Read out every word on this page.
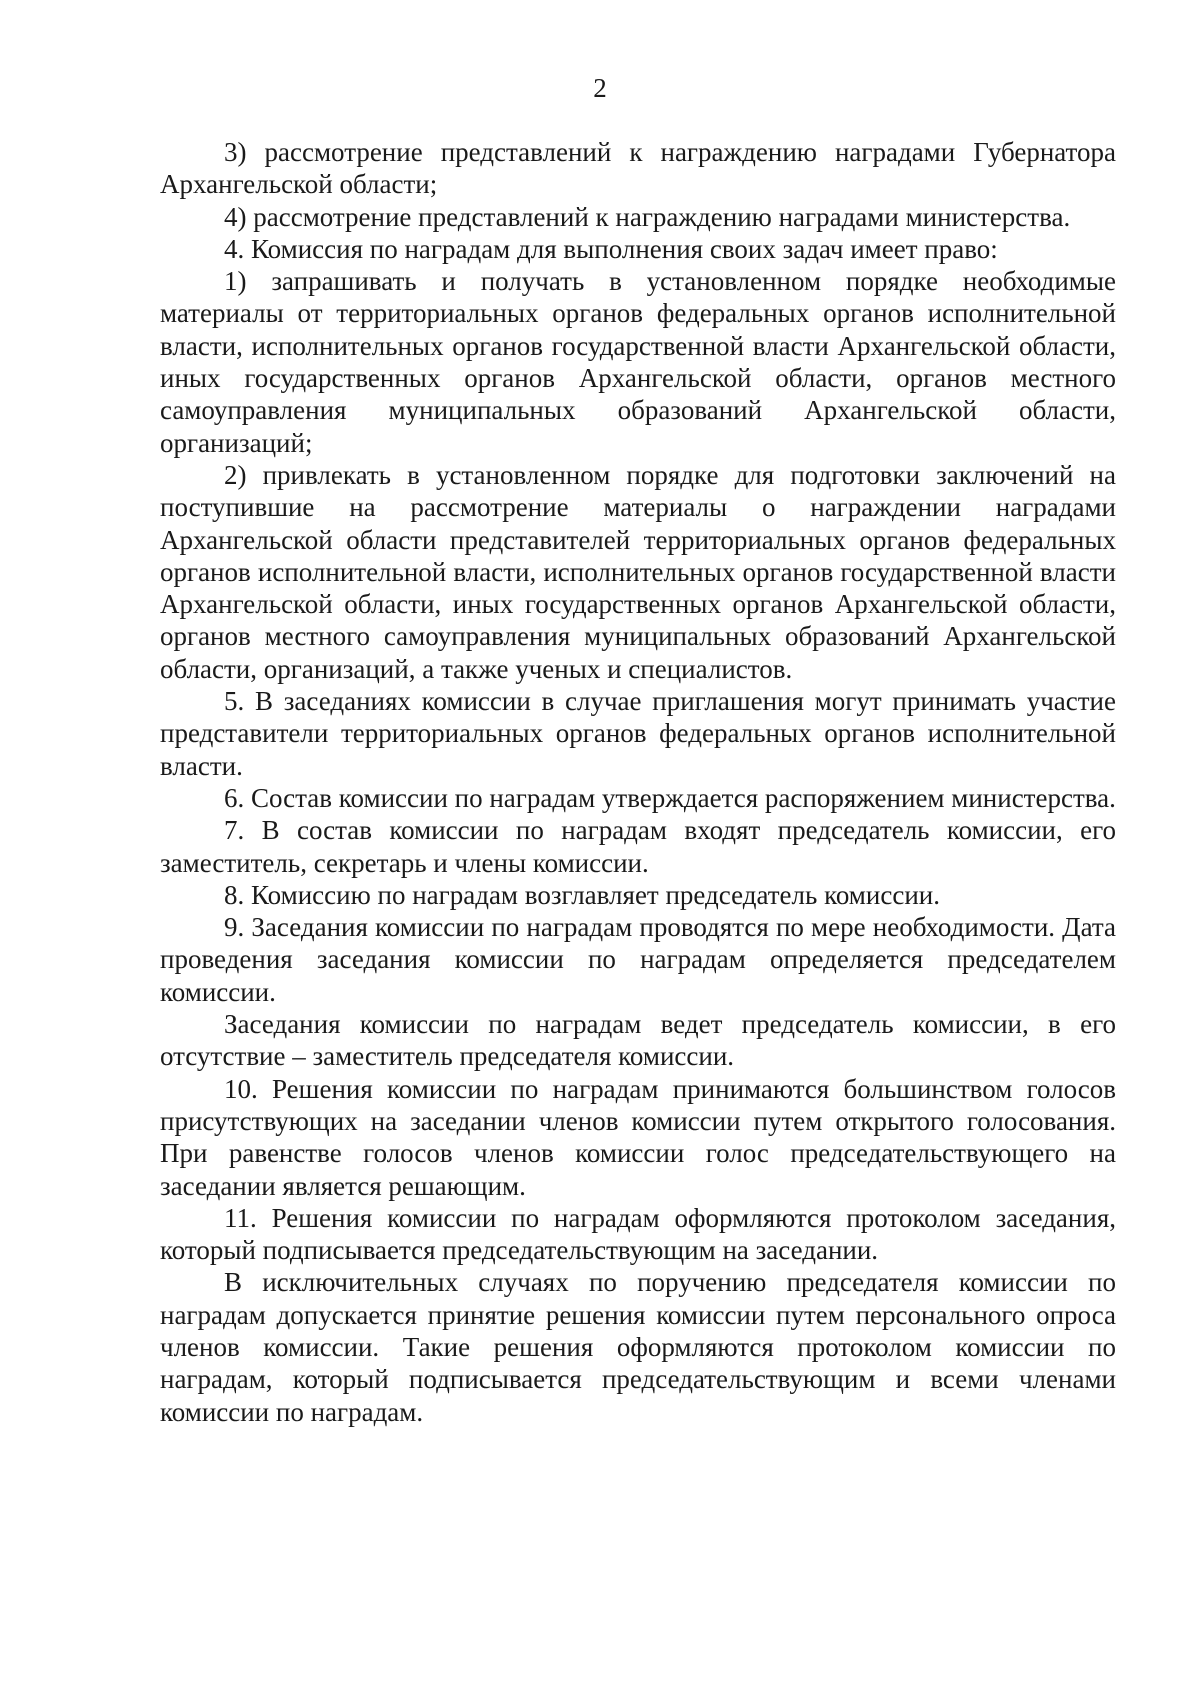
2

3) рассмотрение представлений к награждению наградами Губернатора Архангельской области;

4) рассмотрение представлений к награждению наградами министерства.

4. Комиссия по наградам для выполнения своих задач имеет право:

1) запрашивать и получать в установленном порядке необходимые материалы от территориальных органов федеральных органов исполнительной власти, исполнительных органов государственной власти Архангельской области, иных государственных органов Архангельской области, органов местного самоуправления муниципальных образований Архангельской области, организаций;

2) привлекать в установленном порядке для подготовки заключений на поступившие на рассмотрение материалы о награждении наградами Архангельской области представителей территориальных органов федеральных органов исполнительной власти, исполнительных органов государственной власти Архангельской области, иных государственных органов Архангельской области, органов местного самоуправления муниципальных образований Архангельской области, организаций, а также ученых и специалистов.

5. В заседаниях комиссии в случае приглашения могут принимать участие представители территориальных органов федеральных органов исполнительной власти.

6. Состав комиссии по наградам утверждается распоряжением министерства.

7. В состав комиссии по наградам входят председатель комиссии, его заместитель, секретарь и члены комиссии.

8. Комиссию по наградам возглавляет председатель комиссии.

9. Заседания комиссии по наградам проводятся по мере необходимости. Дата проведения заседания комиссии по наградам определяется председателем комиссии.

Заседания комиссии по наградам ведет председатель комиссии, в его отсутствие – заместитель председателя комиссии.

10. Решения комиссии по наградам принимаются большинством голосов присутствующих на заседании членов комиссии путем открытого голосования. При равенстве голосов членов комиссии голос председательствующего на заседании является решающим.

11. Решения комиссии по наградам оформляются протоколом заседания, который подписывается председательствующим на заседании.

В исключительных случаях по поручению председателя комиссии по наградам допускается принятие решения комиссии путем персонального опроса членов комиссии. Такие решения оформляются протоколом комиссии по наградам, который подписывается председательствующим и всеми членами комиссии по наградам.
